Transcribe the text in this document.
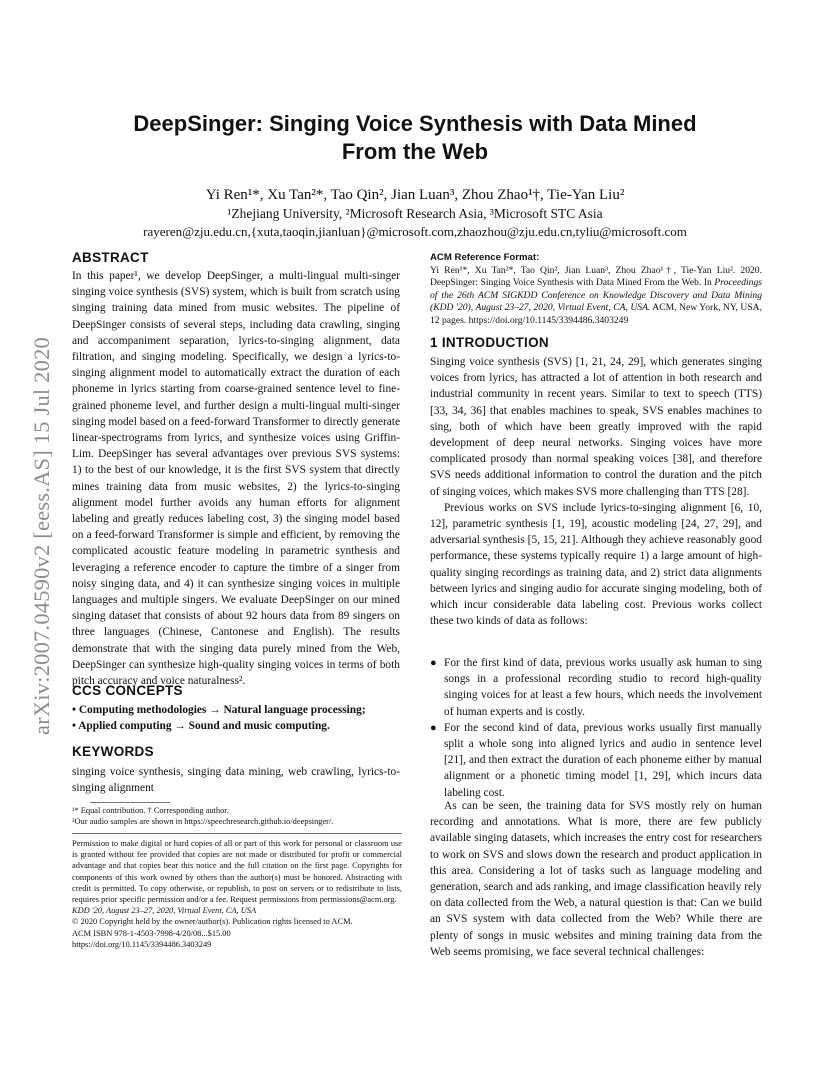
arXiv:2007.04590v2 [eess.AS] 15 Jul 2020
DeepSinger: Singing Voice Synthesis with Data Mined
From the Web
Yi Ren¹*, Xu Tan²*, Tao Qin², Jian Luan³, Zhou Zhao¹†, Tie-Yan Liu²
¹Zhejiang University, ²Microsoft Research Asia, ³Microsoft STC Asia
rayeren@zju.edu.cn,{xuta,taoqin,jianluan}@microsoft.com,zhaozhou@zju.edu.cn,tyliu@microsoft.com
ABSTRACT

In this paper¹, we develop DeepSinger, a multi-lingual multi-singer singing voice synthesis (SVS) system, which is built from scratch using singing training data mined from music websites. The pipeline of DeepSinger consists of several steps, including data crawling, singing and accompaniment separation, lyrics-to-singing alignment, data filtration, and singing modeling. Specifically, we design a lyrics-to-singing alignment model to automatically extract the duration of each phoneme in lyrics starting from coarse-grained sentence level to fine-grained phoneme level, and further design a multi-lingual multi-singer singing model based on a feed-forward Transformer to directly generate linear-spectrograms from lyrics, and synthesize voices using Griffin-Lim. DeepSinger has several advantages over previous SVS systems: 1) to the best of our knowledge, it is the first SVS system that directly mines training data from music websites, 2) the lyrics-to-singing alignment model further avoids any human efforts for alignment labeling and greatly reduces labeling cost, 3) the singing model based on a feed-forward Transformer is simple and efficient, by removing the complicated acoustic feature modeling in parametric synthesis and leveraging a reference encoder to capture the timbre of a singer from noisy singing data, and 4) it can synthesize singing voices in multiple languages and multiple singers. We evaluate DeepSinger on our mined singing dataset that consists of about 92 hours data from 89 singers on three languages (Chinese, Cantonese and English). The results demonstrate that with the singing data purely mined from the Web, DeepSinger can synthesize high-quality singing voices in terms of both pitch accuracy and voice naturalness².

CCS CONCEPTS
• Computing methodologies → Natural language processing;
• Applied computing → Sound and music computing.
KEYWORDS
singing voice synthesis, singing data mining, web crawling, lyrics-to-singing alignment
¹* Equal contribution. † Corresponding author.
²Our audio samples are shown in https://speechresearch.github.io/deepsinger/.
Permission to make digital or hard copies of all or part of this work for personal or classroom use is granted without fee provided that copies are not made or distributed for profit or commercial advantage and that copies bear this notice and the full citation on the first page. Copyrights for components of this work owned by others than the author(s) must be honored. Abstracting with credit is permitted. To copy otherwise, or republish, to post on servers or to redistribute to lists, requires prior specific permission and/or a fee. Request permissions from permissions@acm.org.
KDD '20, August 23–27, 2020, Virtual Event, CA, USA
© 2020 Copyright held by the owner/author(s). Publication rights licensed to ACM.
ACM ISBN 978-1-4503-7998-4/20/08...$15.00
https://doi.org/10.1145/3394486.3403249
ACM Reference Format:
Yi Ren¹*, Xu Tan²*, Tao Qin², Jian Luan³, Zhou Zhao¹†, Tie-Yan Liu². 2020. DeepSinger: Singing Voice Synthesis with Data Mined From the Web. In Proceedings of the 26th ACM SIGKDD Conference on Knowledge Discovery and Data Mining (KDD '20), August 23–27, 2020, Virtual Event, CA, USA. ACM, New York, NY, USA, 12 pages. https://doi.org/10.1145/3394486.3403249
1 INTRODUCTION

Singing voice synthesis (SVS) [1, 21, 24, 29], which generates singing voices from lyrics, has attracted a lot of attention in both research and industrial community in recent years. Similar to text to speech (TTS) [33, 34, 36] that enables machines to speak, SVS enables machines to sing, both of which have been greatly improved with the rapid development of deep neural networks. Singing voices have more complicated prosody than normal speaking voices [38], and therefore SVS needs additional information to control the duration and the pitch of singing voices, which makes SVS more challenging than TTS [28].

Previous works on SVS include lyrics-to-singing alignment [6, 10, 12], parametric synthesis [1, 19], acoustic modeling [24, 27, 29], and adversarial synthesis [5, 15, 21]. Although they achieve reasonably good performance, these systems typically require 1) a large amount of high-quality singing recordings as training data, and 2) strict data alignments between lyrics and singing audio for accurate singing modeling, both of which incur considerable data labeling cost. Previous works collect these two kinds of data as follows:

● For the first kind of data, previous works usually ask human to sing songs in a professional recording studio to record high-quality singing voices for at least a few hours, which needs the involvement of human experts and is costly.
● For the second kind of data, previous works usually first manually split a whole song into aligned lyrics and audio in sentence level [21], and then extract the duration of each phoneme either by manual alignment or a phonetic timing model [1, 29], which incurs data labeling cost.

As can be seen, the training data for SVS mostly rely on human recording and annotations. What is more, there are few publicly available singing datasets, which increases the entry cost for researchers to work on SVS and slows down the research and product application in this area. Considering a lot of tasks such as language modeling and generation, search and ads ranking, and image classification heavily rely on data collected from the Web, a natural question is that: Can we build an SVS system with data collected from the Web? While there are plenty of songs in music websites and mining training data from the Web seems promising, we face several technical challenges:
